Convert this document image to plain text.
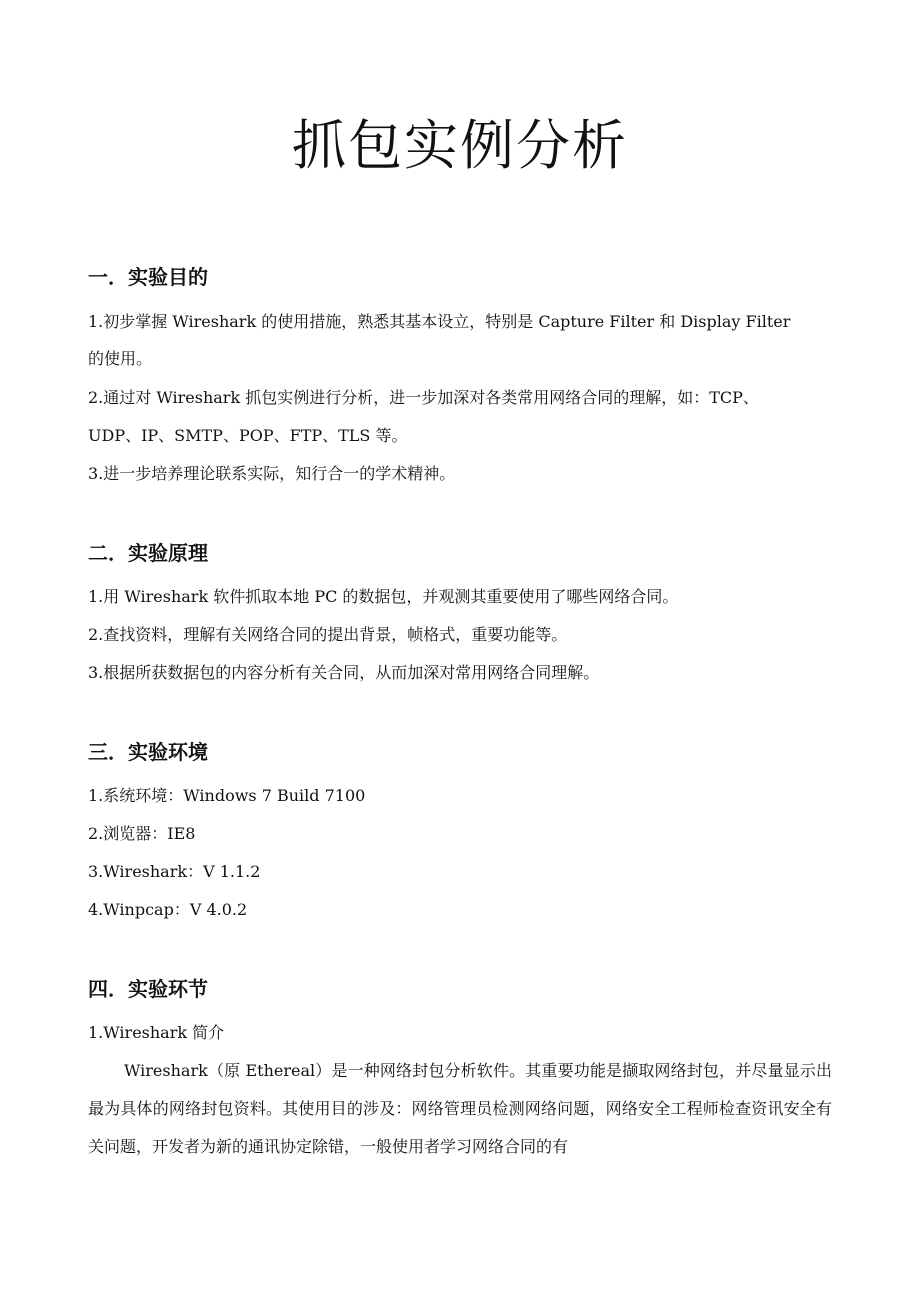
抓包实例分析
一．实验目的

1.初步掌握 Wireshark 的使用措施，熟悉其基本设立，特别是 Capture Filter 和 Display Filter

的使用。

2.通过对 Wireshark 抓包实例进行分析，进一步加深对各类常用网络合同的理解，如：TCP、

UDP、IP、SMTP、POP、FTP、TLS 等。

3.进一步培养理论联系实际，知行合一的学术精神。

二．实验原理

1.用 Wireshark 软件抓取本地 PC 的数据包，并观测其重要使用了哪些网络合同。

2.查找资料，理解有关网络合同的提出背景，帧格式，重要功能等。

3.根据所获数据包的内容分析有关合同，从而加深对常用网络合同理解。

三．实验环境

1.系统环境：Windows 7 Build 7100

2.浏览器：IE8

3.Wireshark：V 1.1.2

4.Winpcap：V 4.0.2

四．实验环节

1.Wireshark 简介

Wireshark（原 Ethereal）是一种网络封包分析软件。其重要功能是撷取网络封包，并尽量显示出最为具体的网络封包资料。其使用目的涉及：网络管理员检测网络问题，网络安全工程师检查资讯安全有关问题，开发者为新的通讯协定除错，一般使用者学习网络合同的有
